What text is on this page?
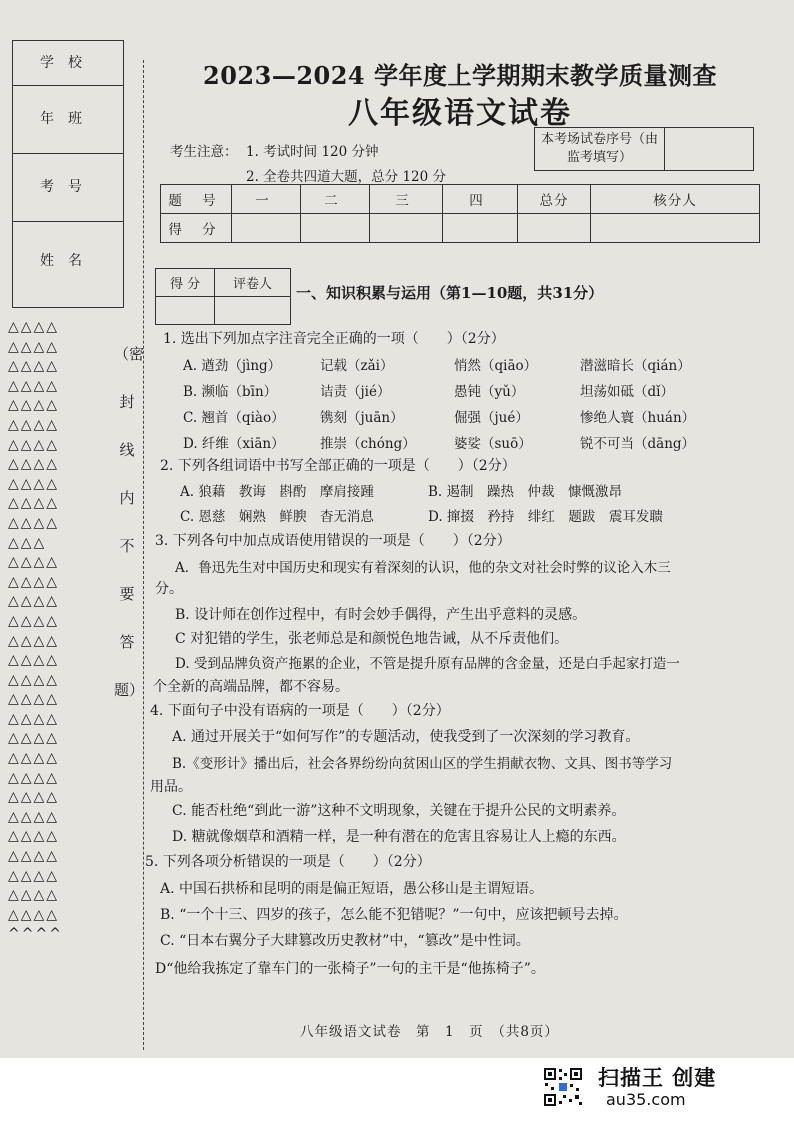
学校
年班
考号
姓名
△△△△
△△△△
△△△△
△△△△
△△△△
△△△△
△△△△
△△△△
△△△△
△△△△
△△△△
△△△
△△△△
△△△△
△△△△
△△△△
△△△△
△△△△
△△△△
△△△△
△△△△
△△△△
△△△△
△△△△
△△△△
△△△△
△△△△
△△△△
△△△△
△△△△
△△△△
^^^^
（密
封
线
内
不
要
答
题）
2023—2024 学年度上学期期末教学质量测查
八年级语文试卷
本考场试卷序号（由监考填写）
考生注意： 1. 考试时间 120 分钟
2. 全卷共四道大题，总分 120 分
题 号	一	二	三	四	总分	核分人
得 分						
得 分	评卷人
	一、知识积累与运用（第1—10题，共31分）
1. 选出下列加点字注音完全正确的一项（　　）（2分）
A. 遒劲（jìng）	记载（zǎi）	悄然（qiāo）	潜滋暗长（qián）
B. 濒临（bīn）	诘责（jié）	愚钝（yǔ）	坦荡如砥（dǐ）
C. 翘首（qiào）	镌刻（juān）	倔强（jué）	惨绝人寰（huán）
D. 纤维（xiān）	推崇（chóng）	婆娑（suō）	锐不可当（dāng）
2. 下列各组词语中书写全部正确的一项是（　　）（2分）
A. 狼藉　教诲　斟酌　摩肩接踵	B. 遏制　躁热　仲裁　慷慨激昂
C. 恩慈　娴熟　鲜腴　杳无消息	D. 撺掇　矜持　绯红　题跋　震耳发聩
3. 下列各句中加点成语使用错误的一项是（　　）（2分）
A．鲁迅先生对中国历史和现实有着深刻的认识，他的杂文对社会时弊的议论入木三
分。
B. 设计师在创作过程中，有时会妙手偶得，产生出乎意料的灵感。
C 对犯错的学生，张老师总是和颜悦色地告诫，从不斥责他们。
D. 受到品牌负资产拖累的企业，不管是提升原有品牌的含金量，还是白手起家打造一
个全新的高端品牌，都不容易。
4. 下面句子中没有语病的一项是（　　）（2分）
A. 通过开展关于“如何写作”的专题活动，使我受到了一次深刻的学习教育。
B.《变形计》播出后，社会各界纷纷向贫困山区的学生捐献衣物、文具、图书等学习
用品。
C. 能否杜绝“到此一游”这种不文明现象，关键在于提升公民的文明素养。
D. 糖就像烟草和酒精一样，是一种有潜在的危害且容易让人上瘾的东西。
5. 下列各项分析错误的一项是（　　）（2分）
A. 中国石拱桥和昆明的雨是偏正短语，愚公移山是主谓短语。
B. “一个十三、四岁的孩子，怎么能不犯错呢？”一句中，应该把顿号去掉。
C. “日本右翼分子大肆篡改历史教材”中，“篡改”是中性词。
D“他给我拣定了靠车门的一张椅子”一句的主干是“他拣椅子”。
八年级语文试卷　第　1　页　（共8页）
扫描王 创建
au35.com
